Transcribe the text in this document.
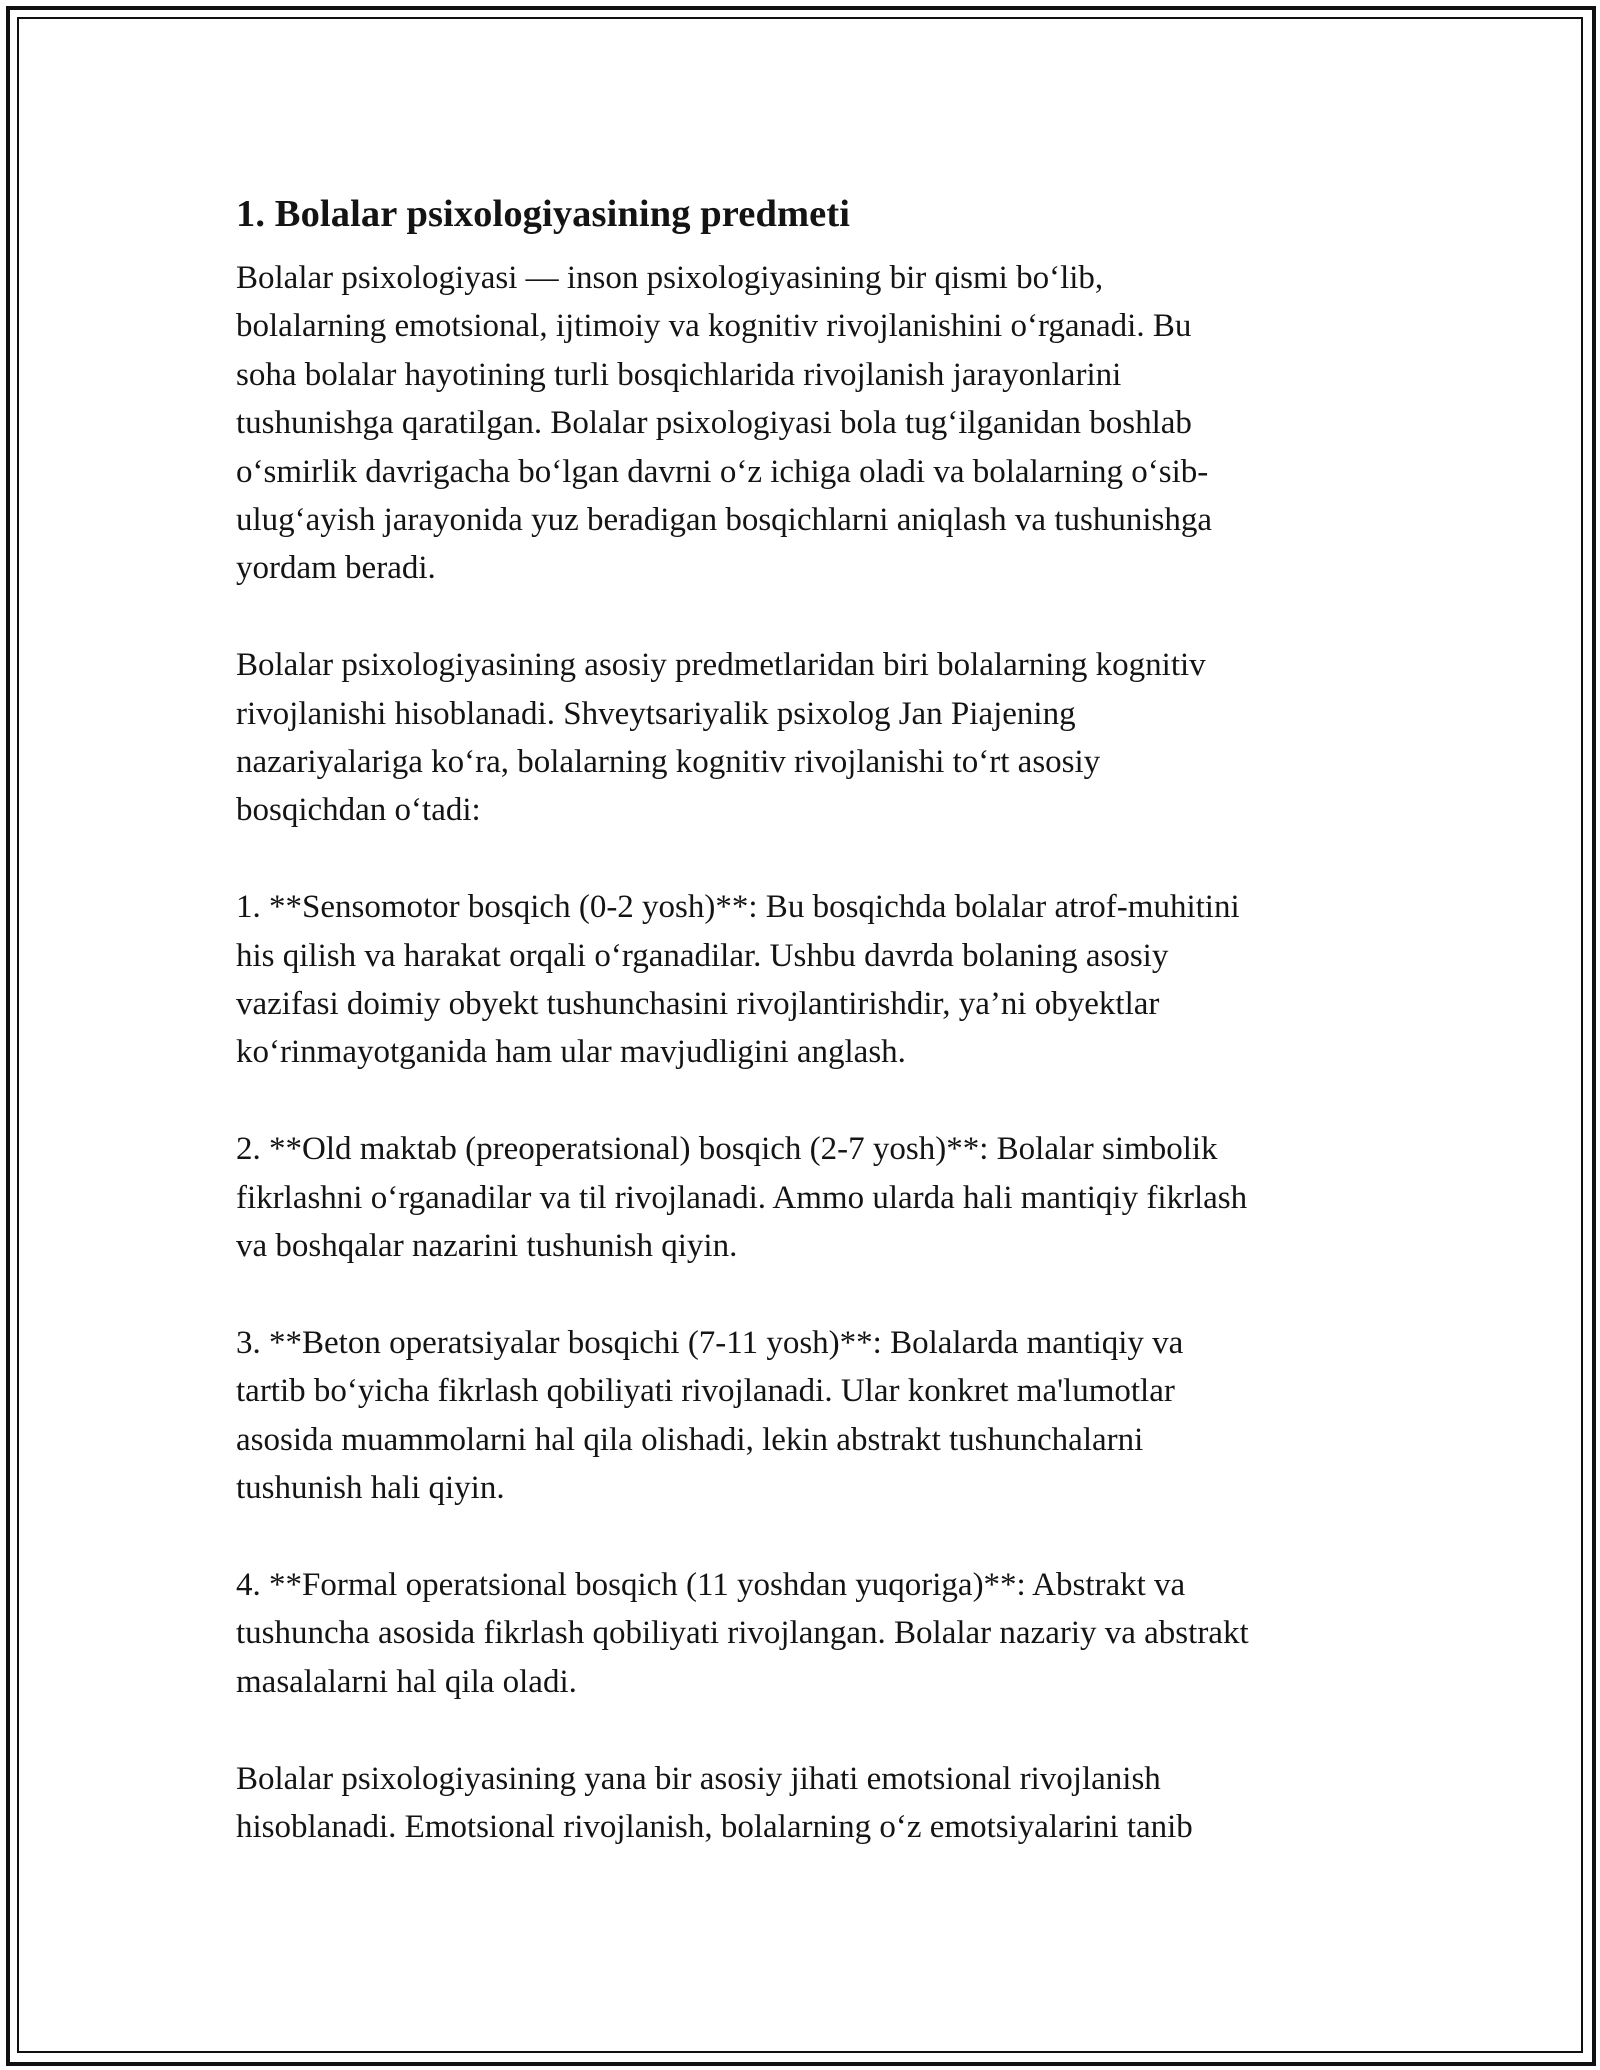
1. Bolalar psixologiyasining predmeti

Bolalar psixologiyasi — inson psixologiyasining bir qismi bo‘lib,
bolalarning emotsional, ijtimoiy va kognitiv rivojlanishini o‘rganadi. Bu
soha bolalar hayotining turli bosqichlarida rivojlanish jarayonlarini
tushunishga qaratilgan. Bolalar psixologiyasi bola tug‘ilganidan boshlab
o‘smirlik davrigacha bo‘lgan davrni o‘z ichiga oladi va bolalarning o‘sib-
ulug‘ayish jarayonida yuz beradigan bosqichlarni aniqlash va tushunishga
yordam beradi.

Bolalar psixologiyasining asosiy predmetlaridan biri bolalarning kognitiv
rivojlanishi hisoblanadi. Shveytsariyalik psixolog Jan Piajening
nazariyalariga ko‘ra, bolalarning kognitiv rivojlanishi to‘rt asosiy
bosqichdan o‘tadi:

1. **Sensomotor bosqich (0-2 yosh)**: Bu bosqichda bolalar atrof-muhitini
his qilish va harakat orqali o‘rganadilar. Ushbu davrda bolaning asosiy
vazifasi doimiy obyekt tushunchasini rivojlantirishdir, ya’ni obyektlar
ko‘rinmayotganida ham ular mavjudligini anglash.

2. **Old maktab (preoperatsional) bosqich (2-7 yosh)**: Bolalar simbolik
fikrlashni o‘rganadilar va til rivojlanadi. Ammo ularda hali mantiqiy fikrlash
va boshqalar nazarini tushunish qiyin.

3. **Beton operatsiyalar bosqichi (7-11 yosh)**: Bolalarda mantiqiy va
tartib bo‘yicha fikrlash qobiliyati rivojlanadi. Ular konkret ma'lumotlar
asosida muammolarni hal qila olishadi, lekin abstrakt tushunchalarni
tushunish hali qiyin.

4. **Formal operatsional bosqich (11 yoshdan yuqoriga)**: Abstrakt va
tushuncha asosida fikrlash qobiliyati rivojlangan. Bolalar nazariy va abstrakt
masalalarni hal qila oladi.

Bolalar psixologiyasining yana bir asosiy jihati emotsional rivojlanish
hisoblanadi. Emotsional rivojlanish, bolalarning o‘z emotsiyalarini tanib
